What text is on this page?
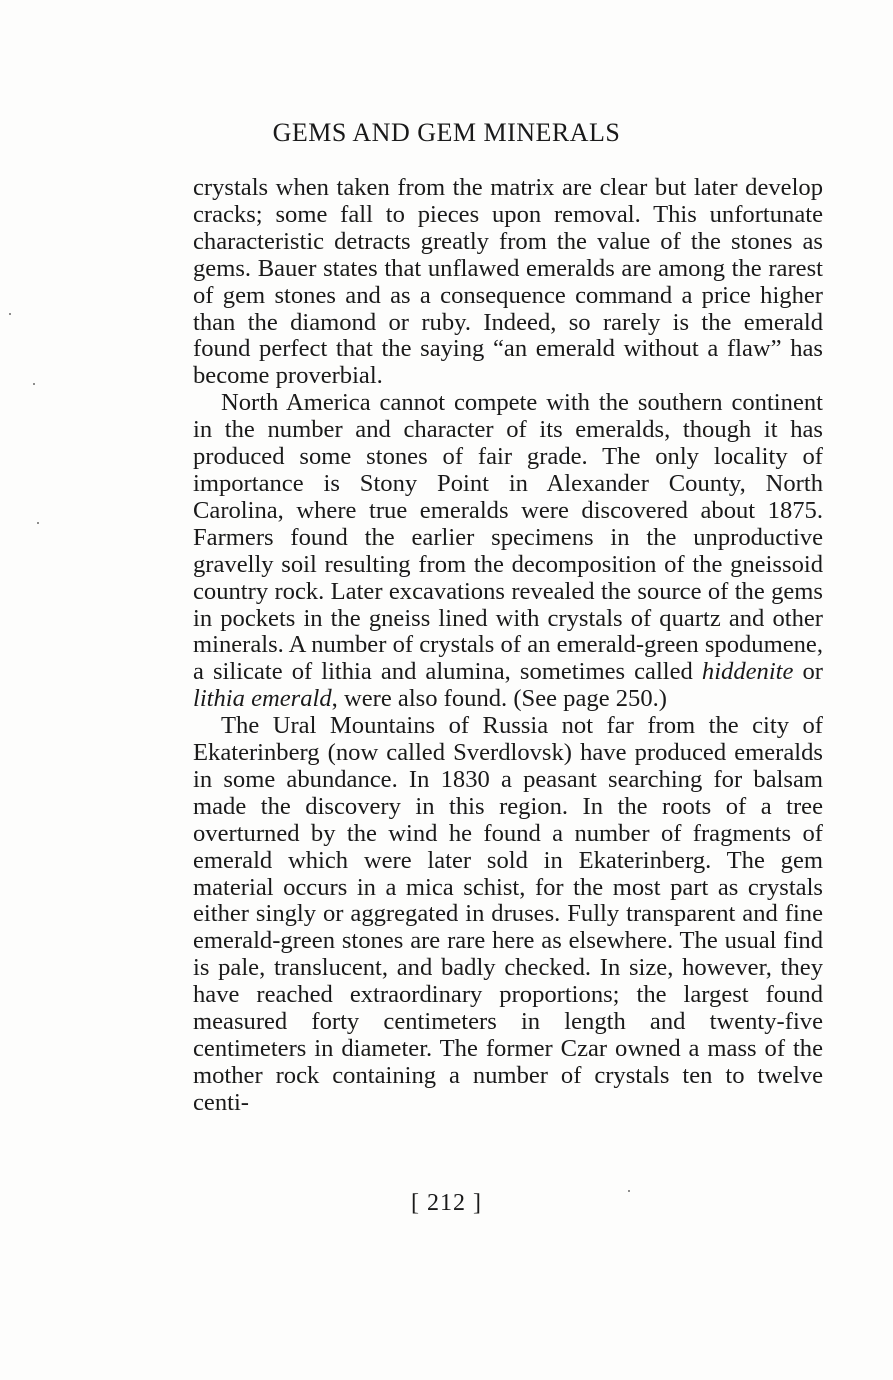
GEMS AND GEM MINERALS

crystals when taken from the matrix are clear but later develop cracks; some fall to pieces upon removal. This unfortunate characteristic detracts greatly from the value of the stones as gems. Bauer states that unflawed emeralds are among the rarest of gem stones and as a consequence command a price higher than the diamond or ruby. Indeed, so rarely is the emerald found perfect that the saying “an emerald without a flaw” has become proverbial.

North America cannot compete with the southern continent in the number and character of its emeralds, though it has produced some stones of fair grade. The only locality of importance is Stony Point in Alexander County, North Carolina, where true emeralds were discovered about 1875. Farmers found the earlier specimens in the unproductive gravelly soil resulting from the decomposition of the gneissoid country rock. Later excavations revealed the source of the gems in pockets in the gneiss lined with crystals of quartz and other minerals. A number of crystals of an emerald-green spodumene, a silicate of lithia and alumina, sometimes called hiddenite or lithia emerald, were also found. (See page 250.)

The Ural Mountains of Russia not far from the city of Ekaterinberg (now called Sverdlovsk) have produced emeralds in some abundance. In 1830 a peasant searching for balsam made the discovery in this region. In the roots of a tree overturned by the wind he found a number of fragments of emerald which were later sold in Ekaterinberg. The gem material occurs in a mica schist, for the most part as crystals either singly or aggregated in druses. Fully transparent and fine emerald-green stones are rare here as elsewhere. The usual find is pale, translucent, and badly checked. In size, however, they have reached extraordinary proportions; the largest found measured forty centimeters in length and twenty-five centimeters in diameter. The former Czar owned a mass of the mother rock containing a number of crystals ten to twelve centi-

[ 212 ]
